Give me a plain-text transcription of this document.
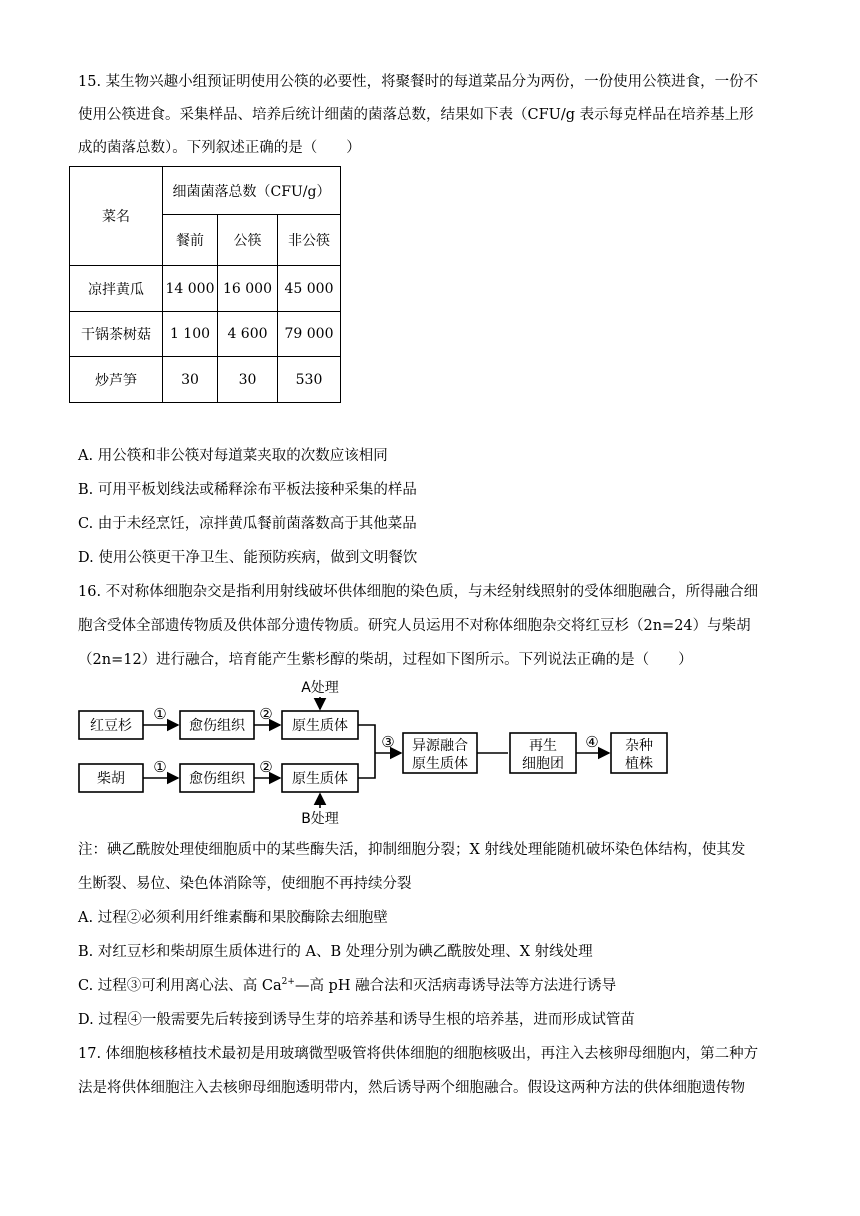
15. 某生物兴趣小组预证明使用公筷的必要性，将聚餐时的每道菜品分为两份，一份使用公筷进食，一份不
使用公筷进食。采集样品、培养后统计细菌的菌落总数，结果如下表（CFU/g 表示每克样品在培养基上形
成的菌落总数）。下列叙述正确的是（　　）
菜名	细菌菌落总数（CFU/g）		
	餐前	公筷	非公筷
凉拌黄瓜	14 000	16 000	45 000
干锅茶树菇	1 100	4 600	79 000
炒芦笋	30	30	530
A. 用公筷和非公筷对每道菜夹取的次数应该相同
B. 可用平板划线法或稀释涂布平板法接种采集的样品
C. 由于未经烹饪，凉拌黄瓜餐前菌落数高于其他菜品
D. 使用公筷更干净卫生、能预防疾病，做到文明餐饮
16. 不对称体细胞杂交是指利用射线破坏供体细胞的染色质，与未经射线照射的受体细胞融合，所得融合细
胞含受体全部遗传物质及供体部分遗传物质。研究人员运用不对称体细胞杂交将红豆杉（2n=24）与柴胡
（2n=12）进行融合，培育能产生紫杉醇的柴胡，过程如下图所示。下列说法正确的是（　　）
红豆杉
柴胡
愈伤组织
愈伤组织
原生质体
原生质体
异源融合
原生质体
再生
细胞团
杂种
植株
①
①
②
②
③	④
A处理
B处理
注：碘乙酰胺处理使细胞质中的某些酶失活，抑制细胞分裂；X 射线处理能随机破坏染色体结构，使其发
生断裂、易位、染色体消除等，使细胞不再持续分裂
A. 过程②必须利用纤维素酶和果胶酶除去细胞壁
B. 对红豆杉和柴胡原生质体进行的 A、B 处理分别为碘乙酰胺处理、X 射线处理
C. 过程③可利用离心法、高 $Ca^{2+}—$高 pH 融合法和灭活病毒诱导法等方法进行诱导
D. 过程④一般需要先后转接到诱导生芽的培养基和诱导生根的培养基，进而形成试管苗
17. 体细胞核移植技术最初是用玻璃微型吸管将供体细胞的细胞核吸出，再注入去核卵母细胞内，第二种方
法是将供体细胞注入去核卵母细胞透明带内，然后诱导两个细胞融合。假设这两种方法的供体细胞遗传物
